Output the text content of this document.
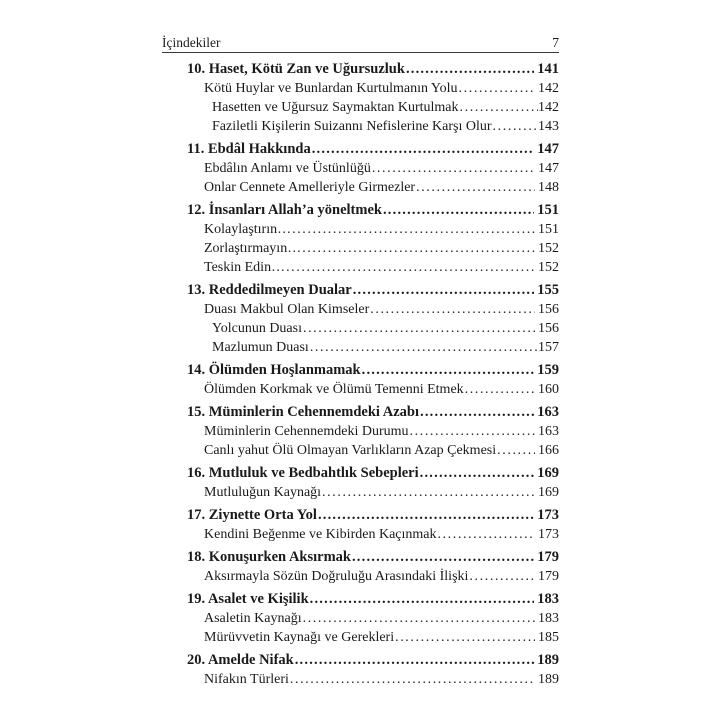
İçindekiler	7
10. Haset, Kötü Zan ve Uğursuzluk .....	141
Kötü Huylar ve Bunlardan Kurtulmanın Yolu .....	142
Hasetten ve Uğursuz Saymaktan Kurtulmak .....	142
Faziletli Kişilerin Suizannı Nefislerine Karşı Olur .....	143
11. Ebdâl Hakkında .....	147
Ebdâlın Anlamı ve Üstünlüğü .....	147
Onlar Cennete Amelleriyle Girmezler .....	148
12. İnsanları Allah’a yöneltmek .....	151
Kolaylaştırın… .....	151
Zorlaştırmayın… .....	152
Teskin Edin… .....	152
13. Reddedilmeyen Dualar .....	155
Duası Makbul Olan Kimseler .....	156
Yolcunun Duası .....	156
Mazlumun Duası .....	157
14. Ölümden Hoşlanmamak .....	159
Ölümden Korkmak ve Ölümü Temenni Etmek .....	160
15. Müminlerin Cehennemdeki Azabı .....	163
Müminlerin Cehennemdeki Durumu .....	163
Canlı yahut Ölü Olmayan Varlıkların Azap Çekmesi .....	166
16. Mutluluk ve Bedbahtlık Sebepleri .....	169
Mutluluğun Kaynağı .....	169
17. Ziynette Orta Yol .....	173
Kendini Beğenme ve Kibirden Kaçınmak .....	173
18. Konuşurken Aksırmak .....	179
Aksırmayla Sözün Doğruluğu Arasındaki İlişki .....	179
19. Asalet ve Kişilik .....	183
Asaletin Kaynağı .....	183
Mürüvvetin Kaynağı ve Gerekleri .....	185
20. Amelde Nifak .....	189
Nifakın Türleri .....	189
